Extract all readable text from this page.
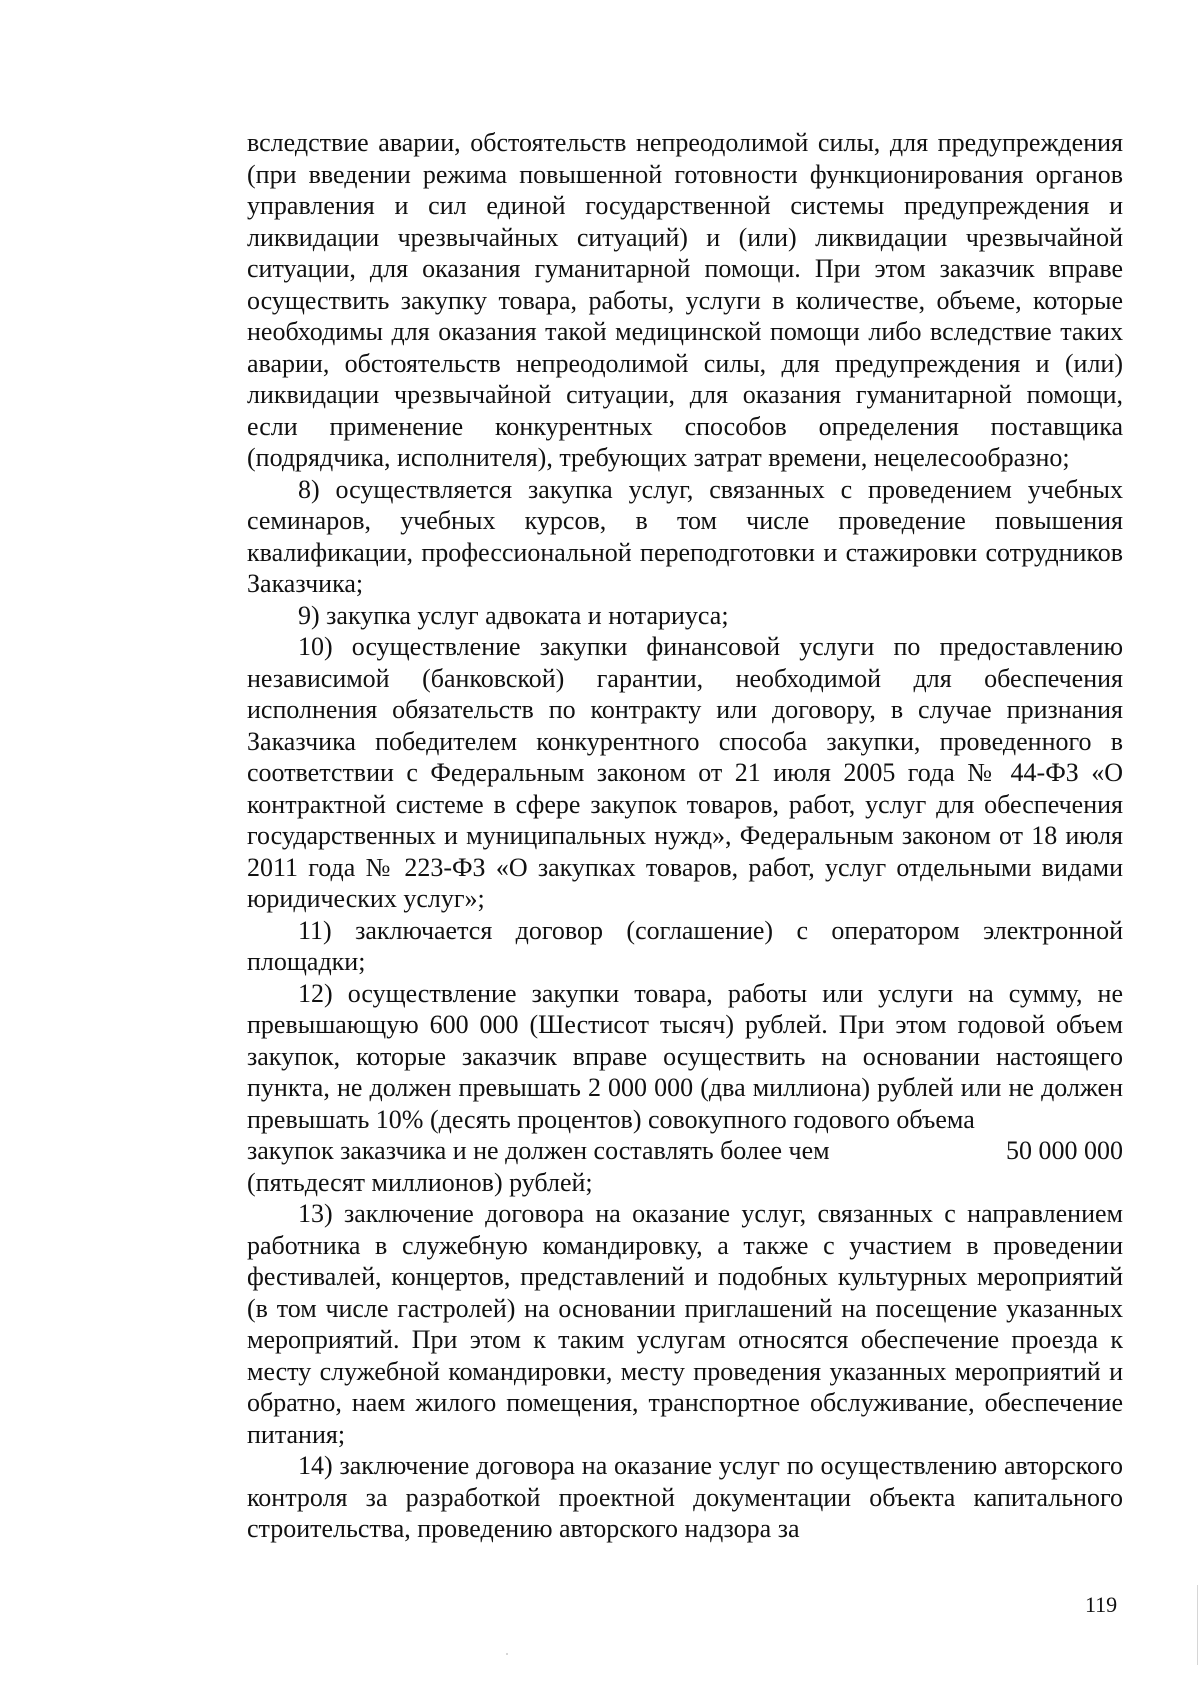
вследствие аварии, обстоятельств непреодолимой силы, для предупреждения (при введении режима повышенной готовности функционирования органов управления и сил единой государственной системы предупреждения и ликвидации чрезвычайных ситуаций) и (или) ликвидации чрезвычайной ситуации, для оказания гуманитарной помощи. При этом заказчик вправе осуществить закупку товара, работы, услуги в количестве, объеме, которые необходимы для оказания такой медицинской помощи либо вследствие таких аварии, обстоятельств непреодолимой силы, для предупреждения и (или) ликвидации чрезвычайной ситуации, для оказания гуманитарной помощи, если применение конкурентных способов определения поставщика (подрядчика, исполнителя), требующих затрат времени, нецелесообразно;

8) осуществляется закупка услуг, связанных с проведением учебных семинаров, учебных курсов, в том числе проведение повышения квалификации, профессиональной переподготовки и стажировки сотрудников Заказчика;

9) закупка услуг адвоката и нотариуса;

10) осуществление закупки финансовой услуги по предоставлению независимой (банковской) гарантии, необходимой для обеспечения исполнения обязательств по контракту или договору, в случае признания Заказчика победителем конкурентного способа закупки, проведенного в соответствии с Федеральным законом от 21 июля 2005 года № 44-ФЗ «О контрактной системе в сфере закупок товаров, работ, услуг для обеспечения государственных и муниципальных нужд», Федеральным законом от 18 июля 2011 года № 223-ФЗ «О закупках товаров, работ, услуг отдельными видами юридических услуг»;

11) заключается договор (соглашение) с оператором электронной площадки;

12) осуществление закупки товара, работы или услуги на сумму, не превышающую 600 000 (Шестисот тысяч) рублей. При этом годовой объем закупок, которые заказчик вправе осуществить на основании настоящего пункта, не должен превышать 2 000 000 (два миллиона) рублей или не должен превышать 10% (десять процентов) совокупного годового объема

закупок заказчика и не должен составлять более чем	50 000 000

(пятьдесят миллионов) рублей;

13) заключение договора на оказание услуг, связанных с направлением работника в служебную командировку, а также с участием в проведении фестивалей, концертов, представлений и подобных культурных мероприятий (в том числе гастролей) на основании приглашений на посещение указанных мероприятий. При этом к таким услугам относятся обеспечение проезда к месту служебной командировки, месту проведения указанных мероприятий и обратно, наем жилого помещения, транспортное обслуживание, обеспечение питания;

14) заключение договора на оказание услуг по осуществлению авторского контроля за разработкой проектной документации объекта капитального строительства, проведению авторского надзора за

119
